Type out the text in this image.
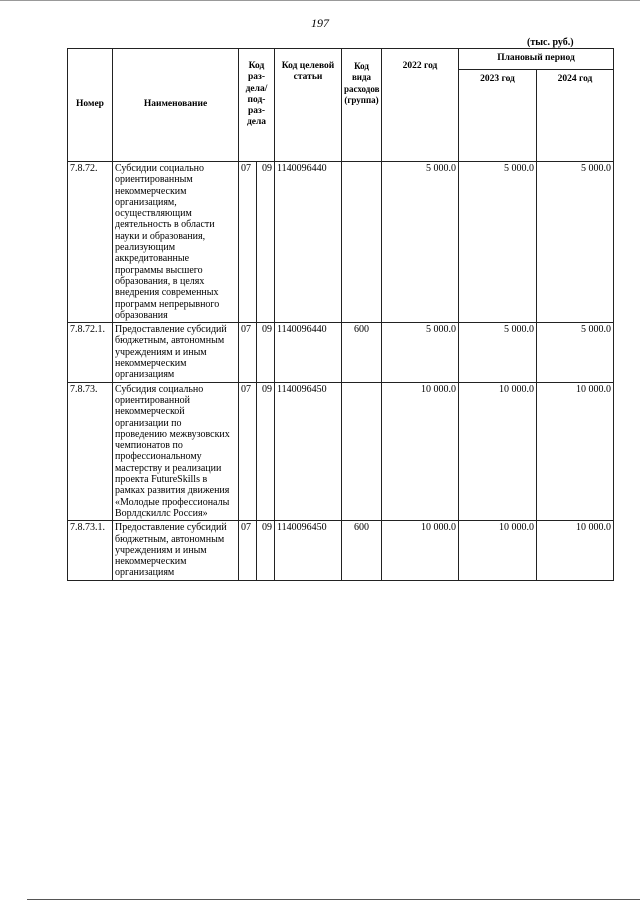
197
(тыс. руб.)
Номер	Наименование	Код раз-дела/ под-раз-дела		Код целевой статьи	Код вида расходов (группа)	2022 год	Плановый период	
							2023 год	2024 год
7.8.72.	Субсидии социально ориентированным некоммерческим организациям, осуществляющим деятельность в области науки и образования, реализующим аккредитованные программы высшего образования, в целях внедрения современных программ непрерывного образования	07	09	1140096440		5 000.0	5 000.0	5 000.0
7.8.72.1.	Предоставление субсидий бюджетным, автономным учреждениям и иным некоммерческим организациям	07	09	1140096440	600	5 000.0	5 000.0	5 000.0
7.8.73.	Субсидия социально ориентированной некоммерческой организации по проведению межвузовских чемпионатов по профессиональному мастерству и реализации проекта FutureSkills в рамках развития движения «Молодые профессионалы Ворлдскиллс Россия»	07	09	1140096450		10 000.0	10 000.0	10 000.0
7.8.73.1.	Предоставление субсидий бюджетным, автономным учреждениям и иным некоммерческим организациям	07	09	1140096450	600	10 000.0	10 000.0	10 000.0
